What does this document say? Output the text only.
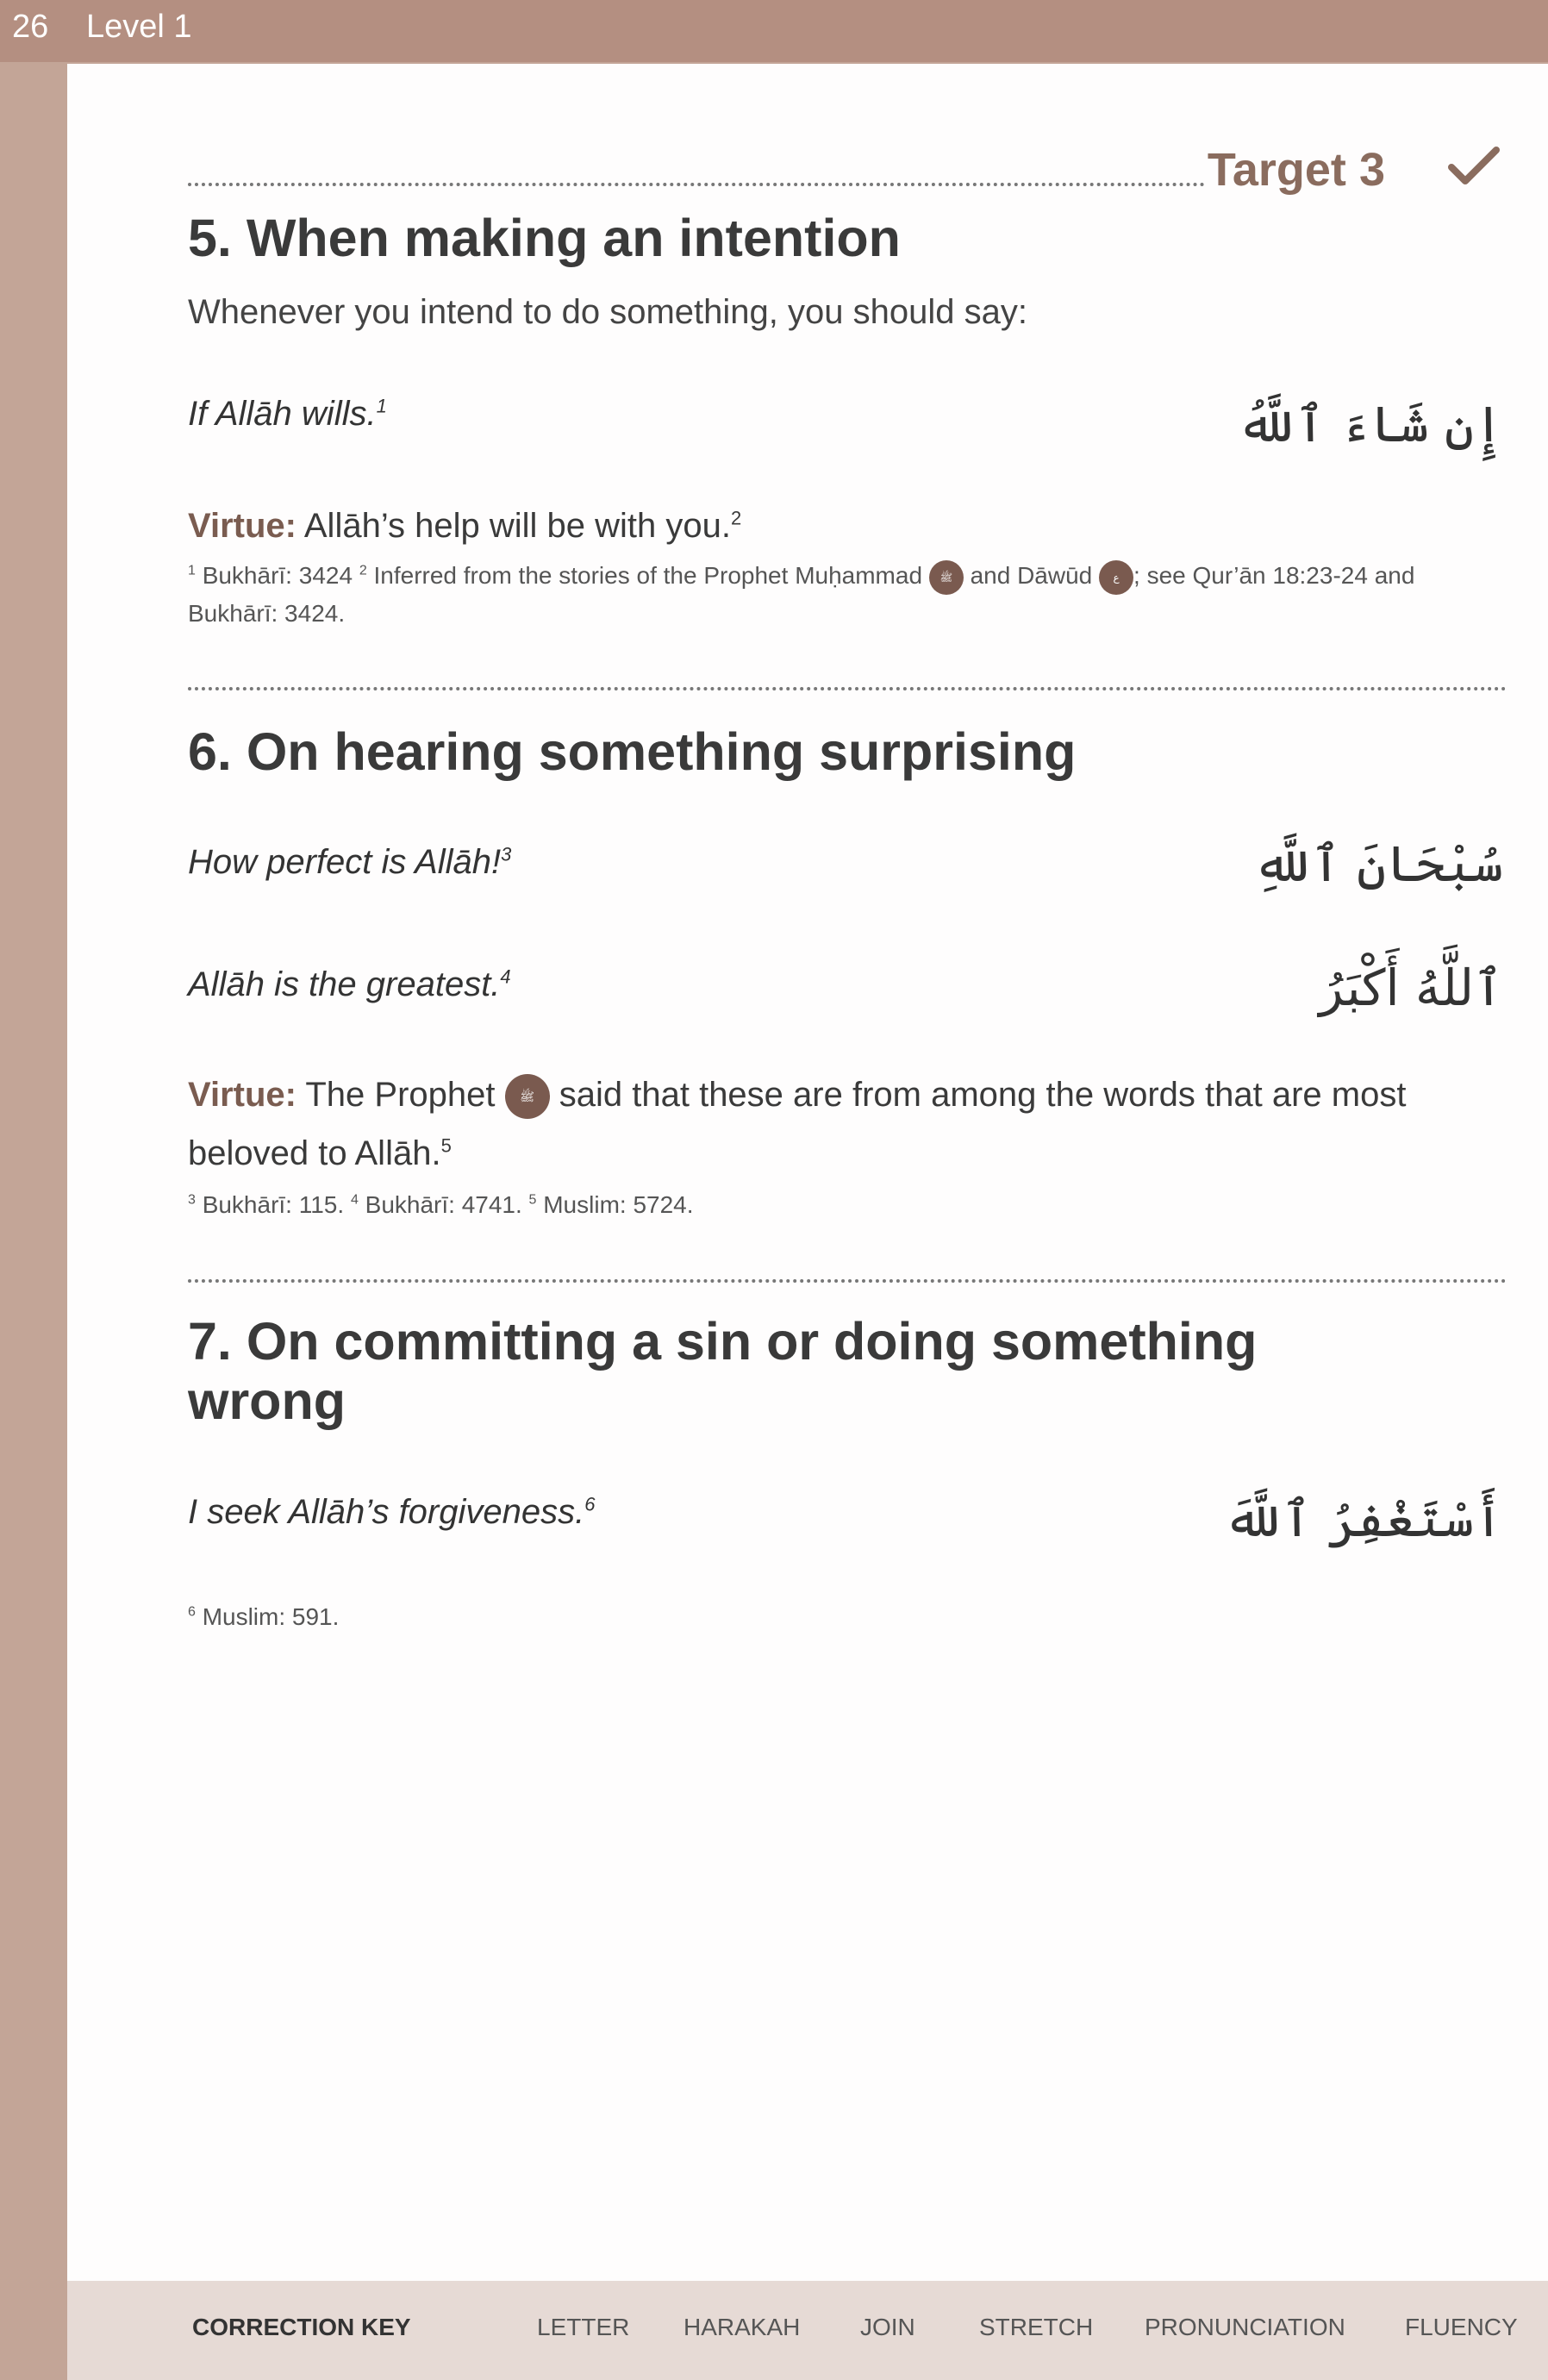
26 Level 1
Target 3
5. When making an intention
Whenever you intend to do something, you should say:
If Allāh wills.$^1$	إِن شَاءَ ٱللَّهُ
Virtue: Allāh’s help will be with you.$^2$
$^1$ Bukhārī: 3424 $^2$ Inferred from the stories of the Prophet Muḥammad ﷺ and Dāwūd ع ; see Qur’ān 18:23-24 and Bukhārī: 3424.
6. On hearing something surprising
How perfect is Allāh!$^3$	سُبْحَانَ ٱللَّهِ
Allāh is the greatest.$^4$	ٱللَّهُ أَكْبَرُ
Virtue: The Prophet ﷺ said that these are from among the words that are most beloved to Allāh.$^5$
$^3$ Bukhārī: 115. $^4$ Bukhārī: 4741. $^5$ Muslim: 5724.
7. On committing a sin or doing something wrong
I seek Allāh’s forgiveness.$^6$	أَسْتَغْفِرُ ٱللَّهَ
$^6$ Muslim: 591.
CORRECTION KEY	LETTER HARAKAH JOIN	STRETCH PRONUNCIATION FLUENCY
